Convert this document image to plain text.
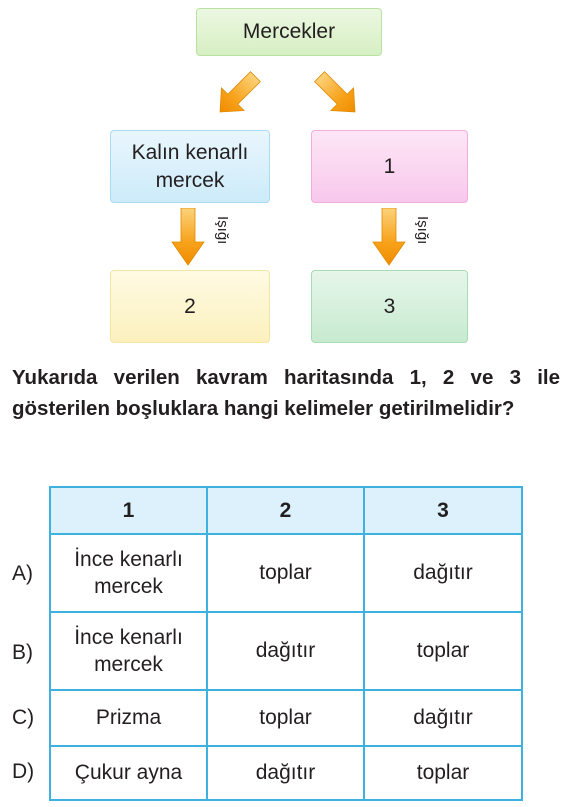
Mercekler
Kalın kenarlı mercek
1
2	3
Işığı	Işığı
Yukarıda verilen kavram haritasında 1, 2 ve 3 ile gösterilen boşluklara hangi kelimeler getirilmelidir?
A)
B)
C)
D)
1	2	3

İnce kenarlı mercek	toplar	dağıtır

İnce kenarlı mercek	dağıtır	toplar
Prizma	toplar	dağıtır
Çukur ayna	dağıtır	toplar
